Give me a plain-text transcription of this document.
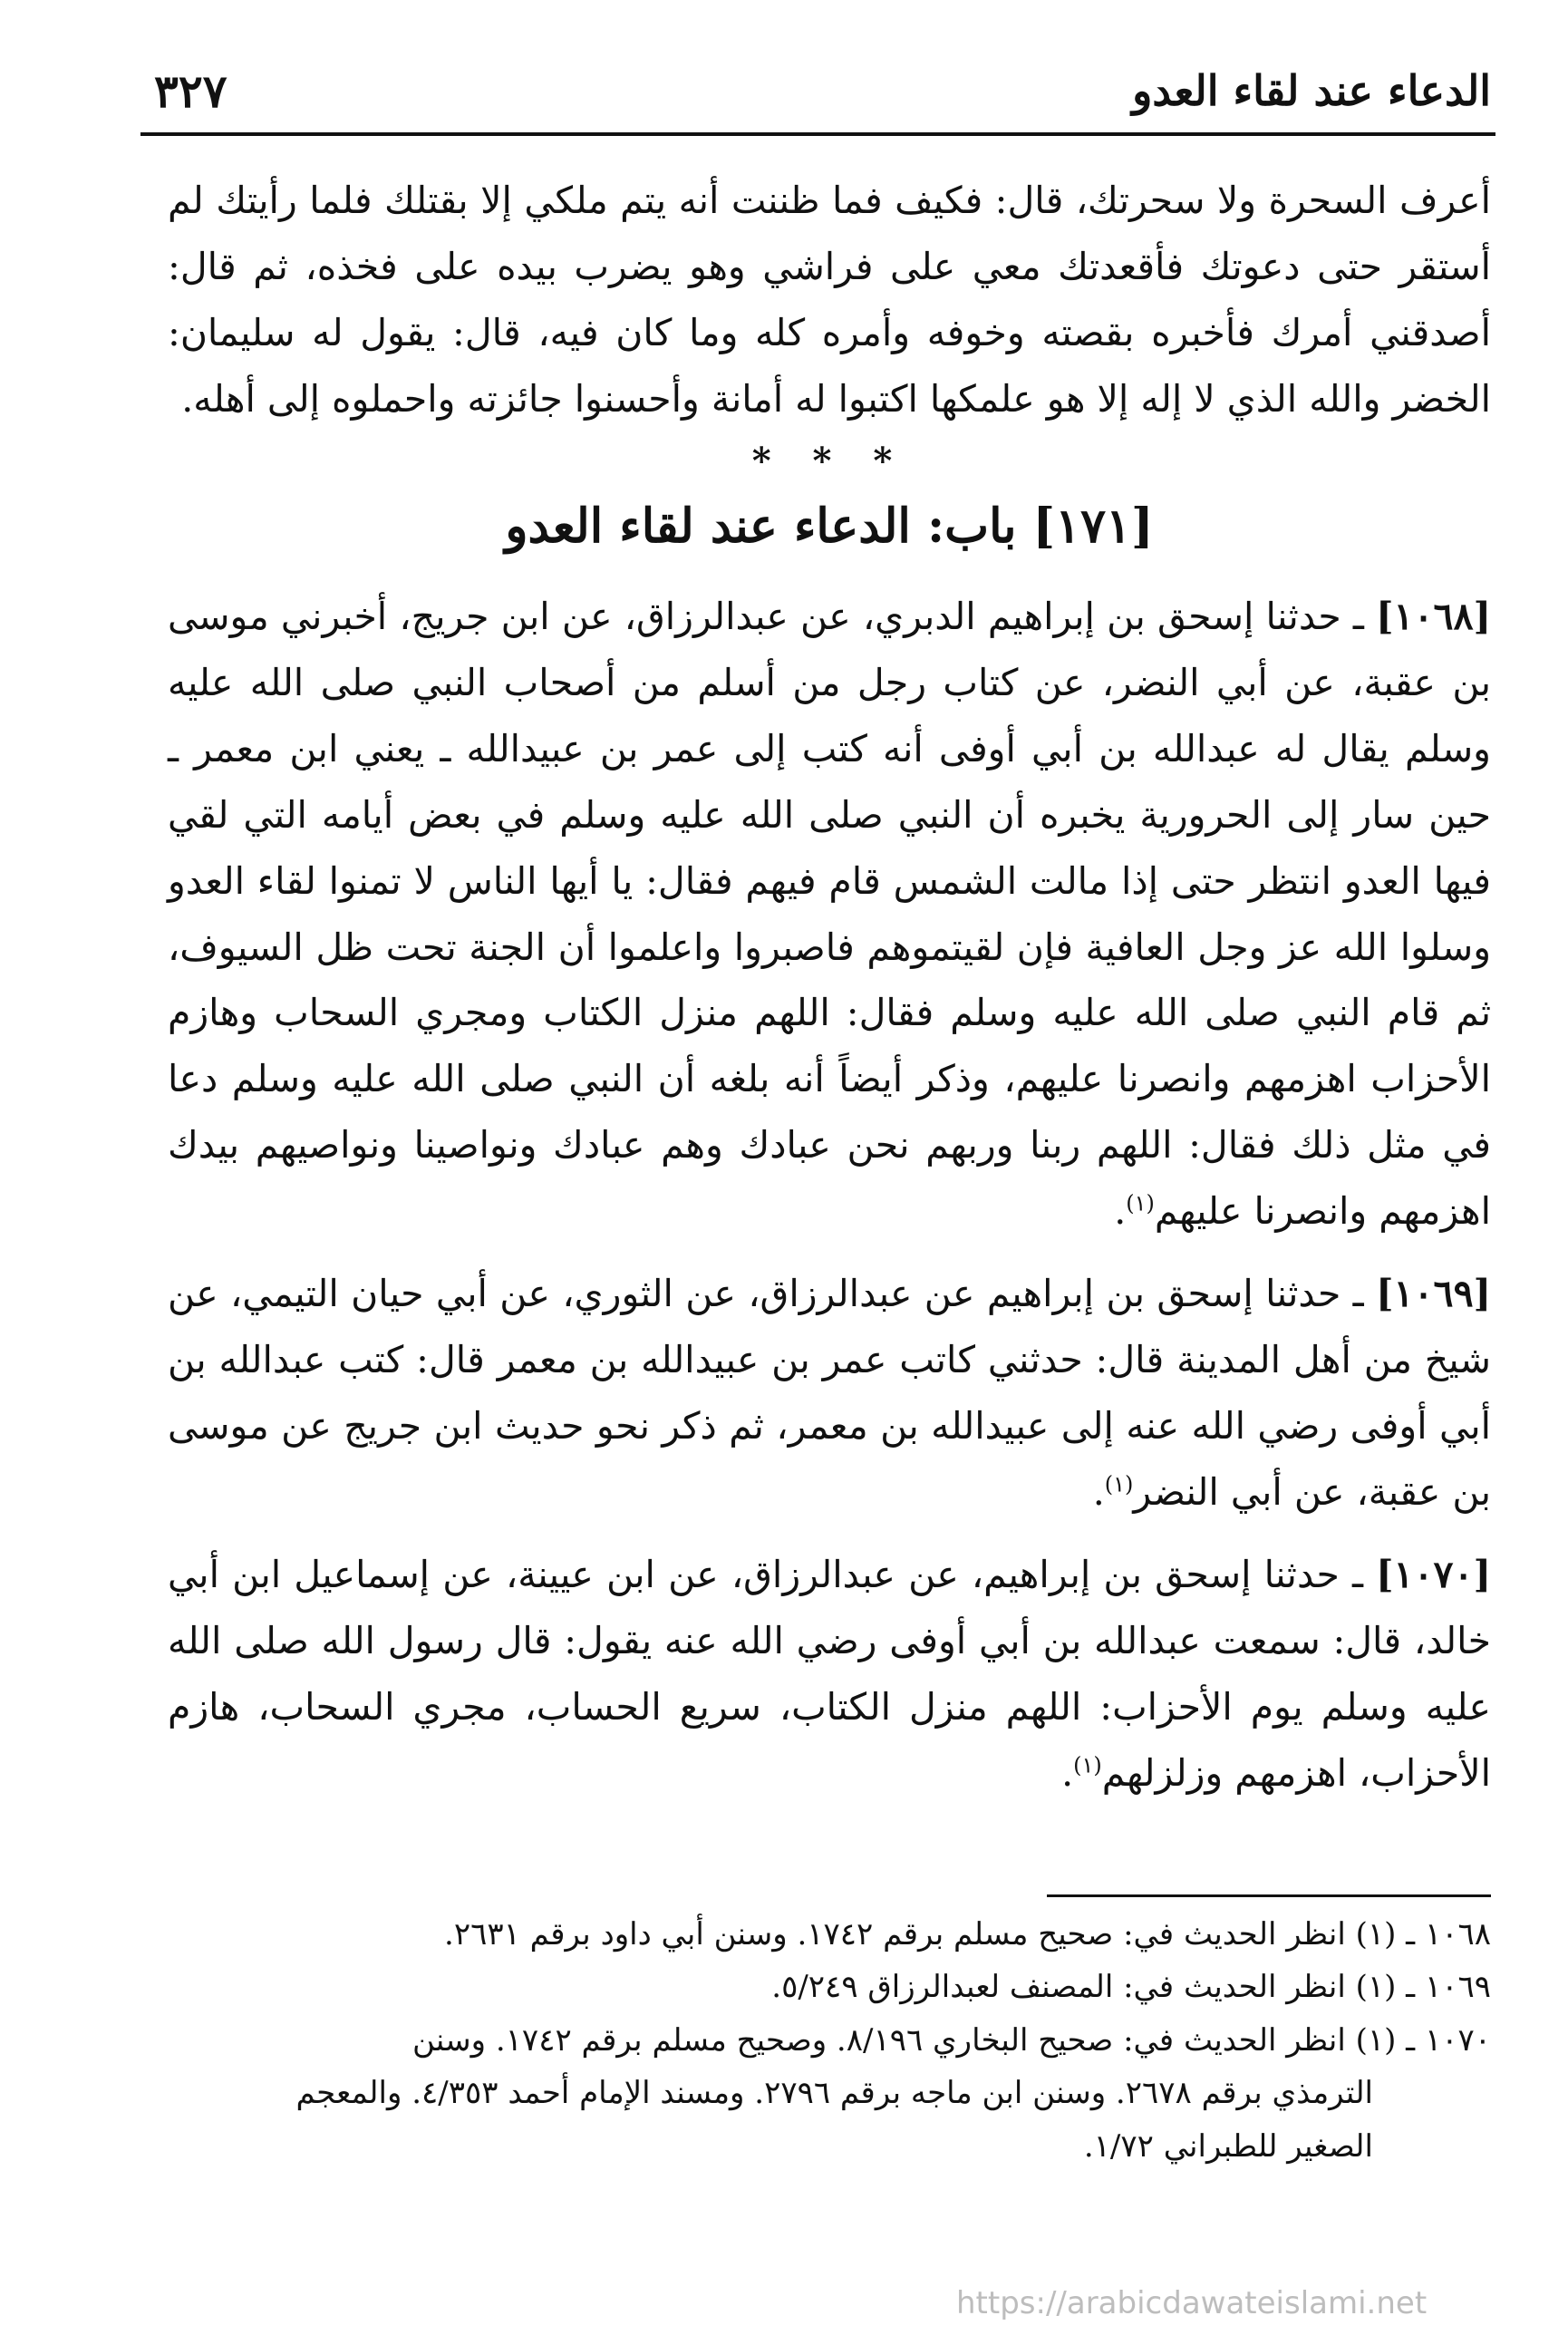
الدعاء عند لقاء العدو
٣٢٧

أعرف السحرة ولا سحرتك، قال: فكيف فما ظننت أنه يتم ملكي إلا بقتلك فلما رأيتك لم أستقر حتى دعوتك فأقعدتك معي على فراشي وهو يضرب بيده على فخذه، ثم قال: أصدقني أمرك فأخبره بقصته وخوفه وأمره كله وما كان فيه، قال: يقول له سليمان: الخضر والله الذي لا إله إلا هو علمكها اكتبوا له أمانة وأحسنوا جائزته واحملوه إلى أهله.

* * *
[١٧١] باب: الدعاء عند لقاء العدو

[١٠٦٨] ـ حدثنا إسحق بن إبراهيم الدبري، عن عبدالرزاق، عن ابن جريج، أخبرني موسى بن عقبة، عن أبي النضر، عن كتاب رجل من أسلم من أصحاب النبي صلى الله عليه وسلم يقال له عبدالله بن أبي أوفى أنه كتب إلى عمر بن عبيدالله ـ يعني ابن معمر ـ حين سار إلى الحرورية يخبره أن النبي صلى الله عليه وسلم في بعض أيامه التي لقي فيها العدو انتظر حتى إذا مالت الشمس قام فيهم فقال: يا أيها الناس لا تمنوا لقاء العدو وسلوا الله عز وجل العافية فإن لقيتموهم فاصبروا واعلموا أن الجنة تحت ظل السيوف، ثم قام النبي صلى الله عليه وسلم فقال: اللهم منزل الكتاب ومجري السحاب وهازم الأحزاب اهزمهم وانصرنا عليهم، وذكر أيضاً أنه بلغه أن النبي صلى الله عليه وسلم دعا في مثل ذلك فقال: اللهم ربنا وربهم نحن عبادك وهم عبادك ونواصينا ونواصيهم بيدك اهزمهم وانصرنا عليهم$^{(١)}$.

[١٠٦٩] ـ حدثنا إسحق بن إبراهيم عن عبدالرزاق، عن الثوري، عن أبي حيان التيمي، عن شيخ من أهل المدينة قال: حدثني كاتب عمر بن عبيدالله بن معمر قال: كتب عبدالله بن أبي أوفى رضي الله عنه إلى عبيدالله بن معمر، ثم ذكر نحو حديث ابن جريج عن موسى بن عقبة، عن أبي النضر$^{(١)}$.

[١٠٧٠] ـ حدثنا إسحق بن إبراهيم، عن عبدالرزاق، عن ابن عيينة، عن إسماعيل ابن أبي خالد، قال: سمعت عبدالله بن أبي أوفى رضي الله عنه يقول: قال رسول الله صلى الله عليه وسلم يوم الأحزاب: اللهم منزل الكتاب، سريع الحساب، مجري السحاب، هازم الأحزاب، اهزمهم وزلزلهم$^{(١)}$.

١٠٦٨ ـ (١) انظر الحديث في: صحيح مسلم برقم ١٧٤٢. وسنن أبي داود برقم ٢٦٣١.

١٠٦٩ ـ (١) انظر الحديث في: المصنف لعبدالرزاق ٥/٢٤٩.

١٠٧٠ ـ (١) انظر الحديث في: صحيح البخاري ٨/١٩٦. وصحيح مسلم برقم ١٧٤٢. وسنن

الترمذي برقم ٢٦٧٨. وسنن ابن ماجه برقم ٢٧٩٦. ومسند الإمام أحمد ٤/٣٥٣. والمعجم

الصغير للطبراني ١/٧٢.

https://arabicdawateislami.net
